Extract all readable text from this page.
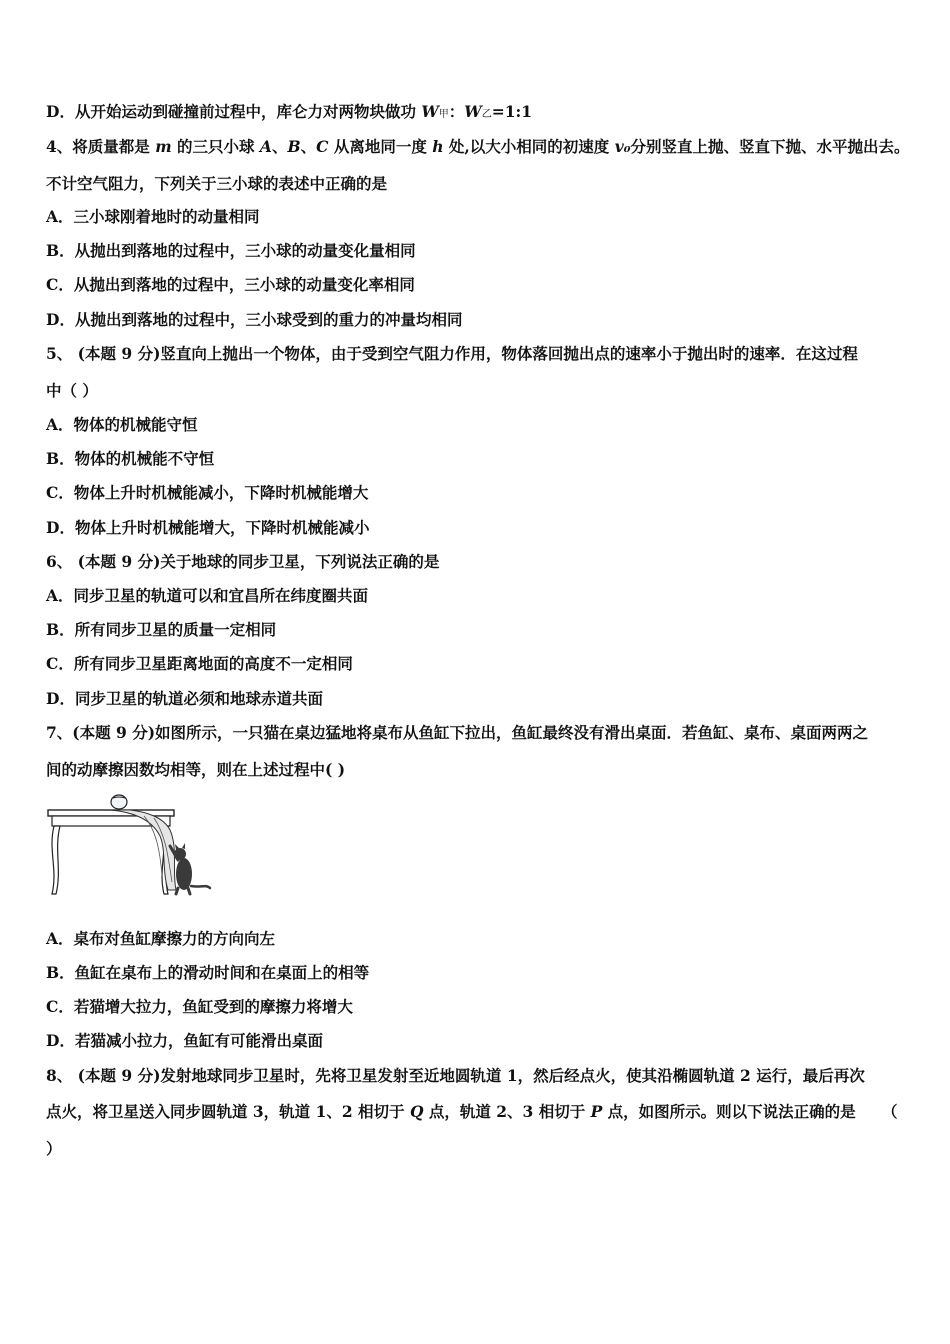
D．从开始运动到碰撞前过程中，库仑力对两物块做功 W甲：W乙=1:1
4、将质量都是 m 的三只小球 A、B、C 从离地同一度 h 处,以大小相同的初速度 v₀分别竖直上抛、竖直下抛、水平抛出去。
不计空气阻力，下列关于三小球的表述中正确的是
A．三小球刚着地时的动量相同
B．从抛出到落地的过程中，三小球的动量变化量相同
C．从抛出到落地的过程中，三小球的动量变化率相同
D．从抛出到落地的过程中，三小球受到的重力的冲量均相同
5、 (本题 9 分)竖直向上抛出一个物体，由于受到空气阻力作用，物体落回抛出点的速率小于抛出时的速率．在这过程
中（ ）
A．物体的机械能守恒
B．物体的机械能不守恒
C．物体上升时机械能减小，下降时机械能增大
D．物体上升时机械能增大，下降时机械能减小
6、 (本题 9 分)关于地球的同步卫星，下列说法正确的是
A．同步卫星的轨道可以和宜昌所在纬度圈共面
B．所有同步卫星的质量一定相同
C．所有同步卫星距离地面的高度不一定相同
D．同步卫星的轨道必须和地球赤道共面
7、(本题 9 分)如图所示，一只猫在桌边猛地将桌布从鱼缸下拉出，鱼缸最终没有滑出桌面．若鱼缸、桌布、桌面两两之
间的动摩擦因数均相等，则在上述过程中( )
A．桌布对鱼缸摩擦力的方向向左
B．鱼缸在桌布上的滑动时间和在桌面上的相等
C．若猫增大拉力，鱼缸受到的摩擦力将增大
D．若猫减小拉力，鱼缸有可能滑出桌面
8、 (本题 9 分)发射地球同步卫星时，先将卫星发射至近地圆轨道 1，然后经点火，使其沿椭圆轨道 2 运行，最后再次
点火，将卫星送入同步圆轨道 3，轨道 1、2 相切于 Q 点，轨道 2、3 相切于 P 点，如图所示。则以下说法正确的是 （
）
